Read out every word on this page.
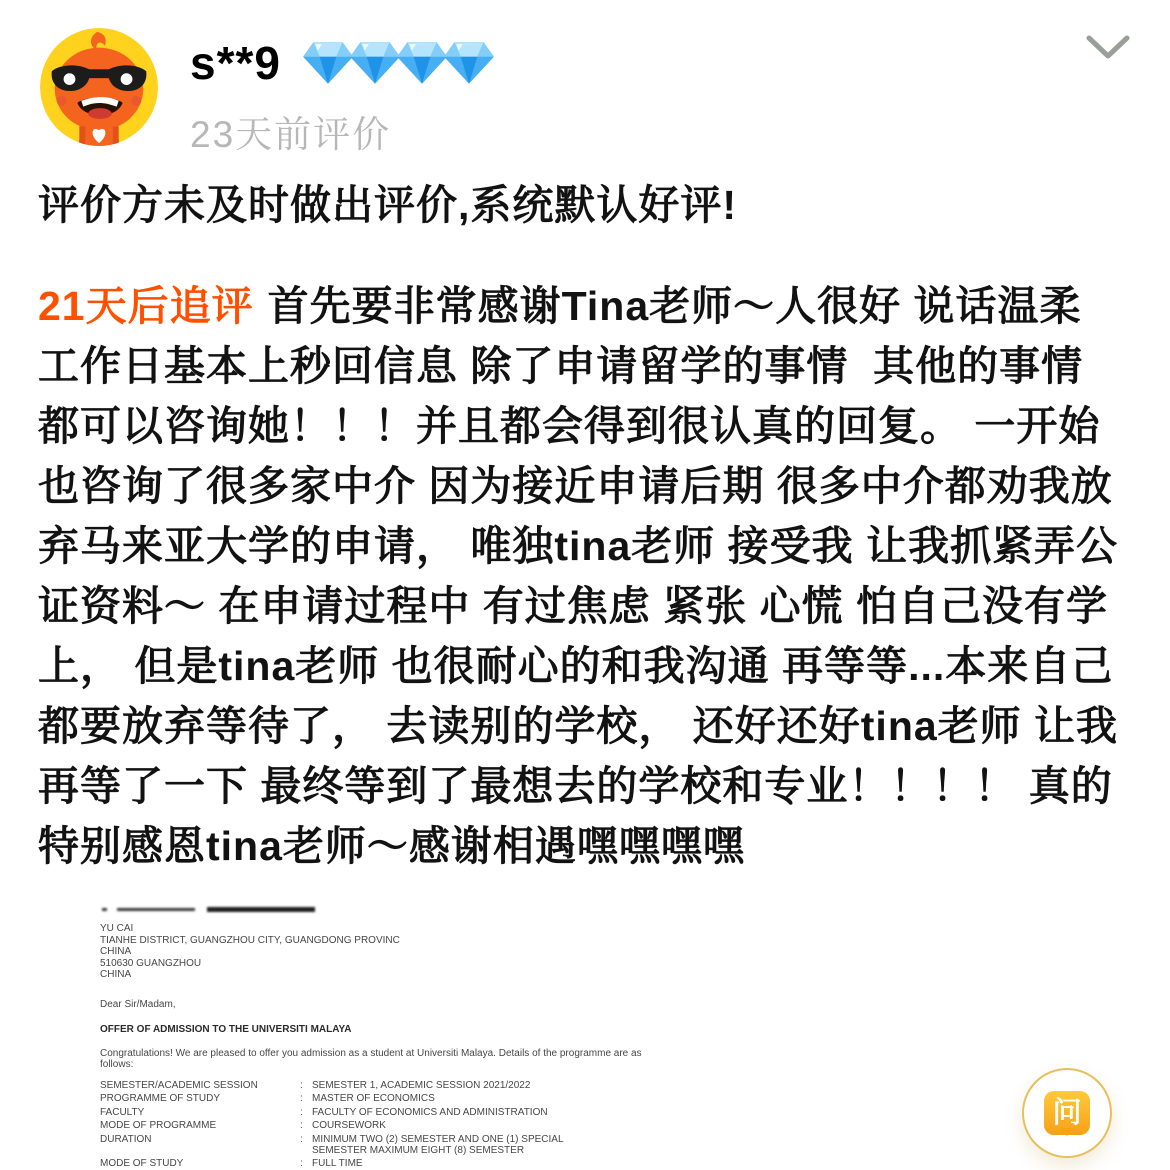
s**9
23天前评价
评价方未及时做出评价,系统默认好评!
21天后追评 首先要非常感谢Tina老师～人很好 说话温柔 工作日基本上秒回信息 除了申请留学的事情  其他的事情 都可以咨询她！！！并且都会得到很认真的回复。 一开始也咨询了很多家中介 因为接近申请后期 很多中介都劝我放弃马来亚大学的申请， 唯独tina老师 接受我 让我抓紧弄公证资料～ 在申请过程中 有过焦虑 紧张 心慌 怕自己没有学上， 但是tina老师 也很耐心的和我沟通 再等等...本来自己都要放弃等待了， 去读别的学校， 还好还好tina老师 让我再等了一下 最终等到了最想去的学校和专业！！！！ 真的特别感恩tina老师～感谢相遇嘿嘿嘿嘿
YU CAI
TIANHE DISTRICT, GUANGZHOU CITY, GUANGDONG PROVINC
CHINA
510630 GUANGZHOU
CHINA
Dear Sir/Madam,
OFFER OF ADMISSION TO THE UNIVERSITI MALAYA
Congratulations! We are pleased to offer you admission as a student at Universiti Malaya. Details of the programme are as follows:
SEMESTER/ACADEMIC SESSION	: SEMESTER 1, ACADEMIC SESSION 2021/2022
PROGRAMME OF STUDY	: MASTER OF ECONOMICS
FACULTY	: FACULTY OF ECONOMICS AND ADMINISTRATION
MODE OF PROGRAMME	: COURSEWORK
DURATION	: MINIMUM TWO (2) SEMESTER AND ONE (1) SPECIAL SEMESTER MAXIMUM EIGHT (8) SEMESTER
MODE OF STUDY	: FULL TIME
问
